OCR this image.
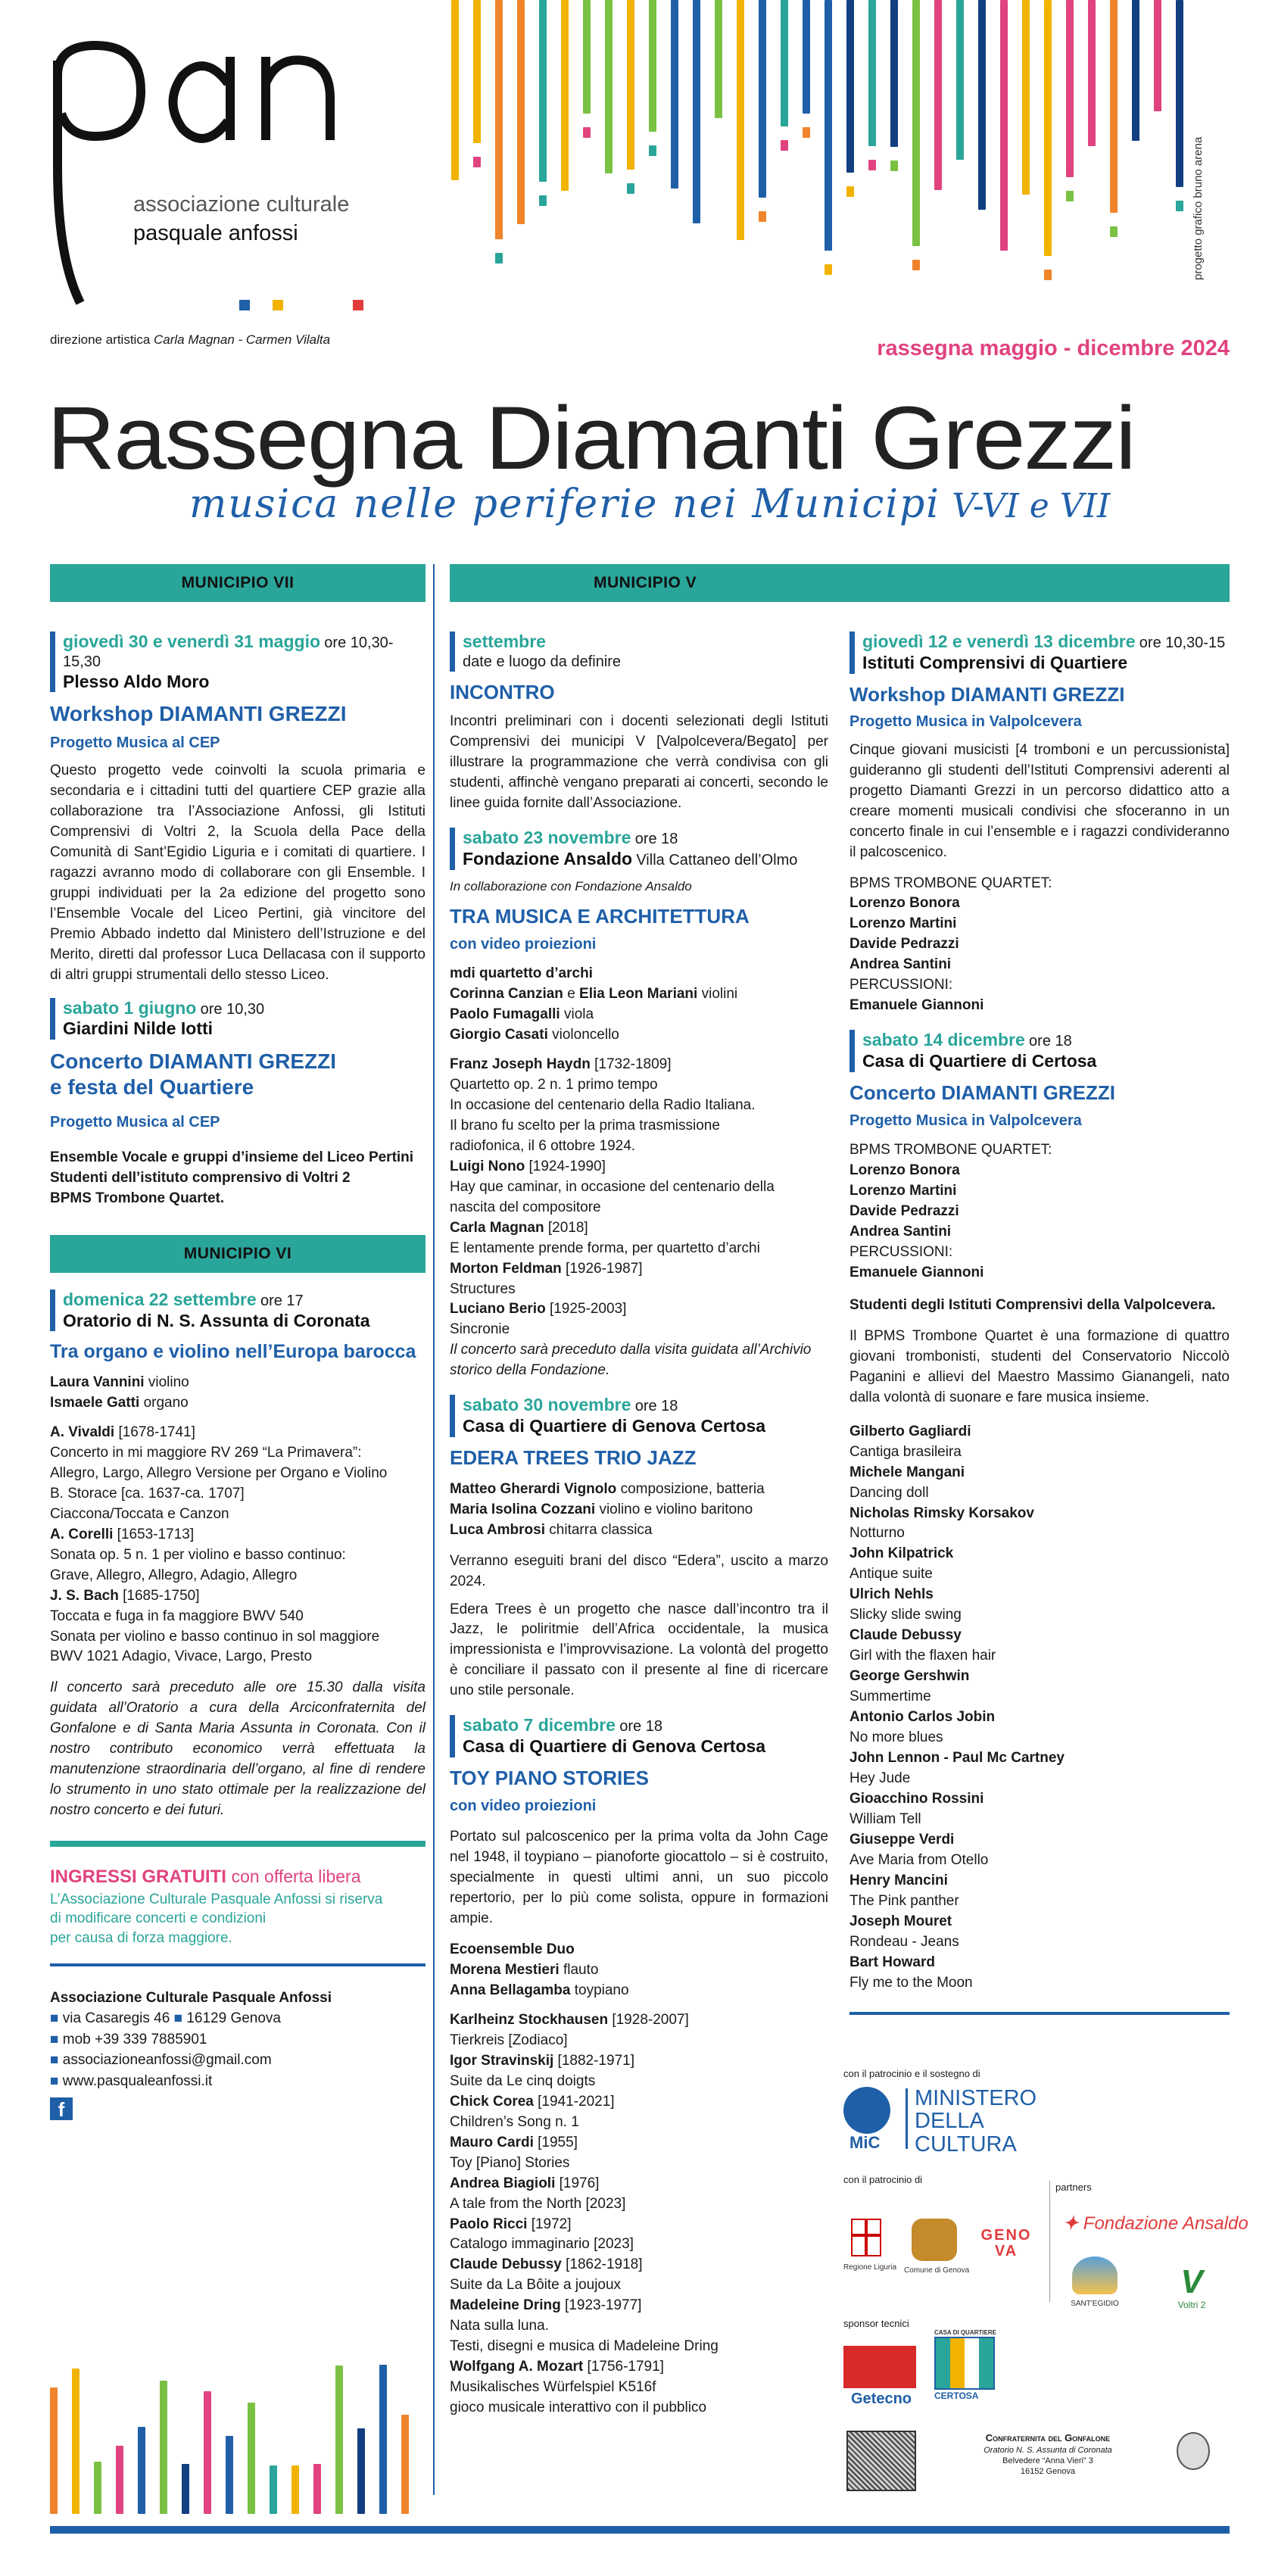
associazione culturale
pasquale anfossi
direzione artistica Carla Magnan - Carmen Vilalta
progetto grafico bruno arena
rassegna maggio - dicembre 2024
Rassegna Diamanti Grezzi
musica nelle periferie nei Municipi V-VI e VII
MUNICIPIO VII
giovedì 30 e venerdì 31 maggio ore 10,30-15,30
Plesso Aldo Moro
Workshop DIAMANTI GREZZI
Progetto Musica al CEP
Questo progetto vede coinvolti la scuola primaria e secondaria e i cittadini tutti del quartiere CEP grazie alla collaborazione tra l’Associazione Anfossi, gli Istituti Comprensivi di Voltri 2, la Scuola della Pace della Comunità di Sant’Egidio Liguria e i comitati di quartiere. I ragazzi avranno modo di collaborare con gli Ensemble. I gruppi individuati per la 2a edizione del progetto sono l’Ensemble Vocale del Liceo Pertini, già vincitore del Premio Abbado indetto dal Ministero dell’Istruzione e del Merito, diretti dal professor Luca Dellacasa con il supporto di altri gruppi strumentali dello stesso Liceo.
sabato 1 giugno ore 10,30
Giardini Nilde Iotti
Concerto DIAMANTI GREZZI
e festa del Quartiere
Progetto Musica al CEP
Ensemble Vocale e gruppi d’insieme del Liceo Pertini
Studenti dell’istituto comprensivo di Voltri 2
BPMS Trombone Quartet.
MUNICIPIO VI
domenica 22 settembre ore 17
Oratorio di N. S. Assunta di Coronata
Tra organo e violino nell’Europa barocca
Laura Vannini violino
Ismaele Gatti organo
A. Vivaldi [1678-1741]
Concerto in mi maggiore RV 269 “La Primavera”:
Allegro, Largo, Allegro Versione per Organo e Violino
B. Storace [ca. 1637-ca. 1707]
Ciaccona/Toccata e Canzon
A. Corelli [1653-1713]
Sonata op. 5 n. 1 per violino e basso continuo:
Grave, Allegro, Allegro, Adagio, Allegro
J. S. Bach [1685-1750]
Toccata e fuga in fa maggiore BWV 540
Sonata per violino e basso continuo in sol maggiore
BWV 1021 Adagio, Vivace, Largo, Presto
Il concerto sarà preceduto alle ore 15.30 dalla visita guidata all’Oratorio a cura della Arciconfraternita del Gonfalone e di Santa Maria Assunta in Coronata. Con il nostro contributo economico verrà effettuata la manutenzione straordinaria dell’organo, al fine di rendere lo strumento in uno stato ottimale per la realizzazione del nostro concerto e dei futuri.
INGRESSI GRATUITI con offerta libera
L’Associazione Culturale Pasquale Anfossi si riserva
di modificare concerti e condizioni
per causa di forza maggiore.
Associazione Culturale Pasquale Anfossi
■ via Casaregis 46 ■ 16129 Genova
■ mob +39 339 7885901
■ associazioneanfossi@gmail.com
■ www.pasqualeanfossi.it
f
MUNICIPIO V
settembre
date e luogo da definire
INCONTRO
Incontri preliminari con i docenti selezionati degli Istituti Comprensivi dei municipi V [Valpolcevera/Begato] per illustrare la programmazione che verrà condivisa con gli studenti, affinchè vengano preparati ai concerti, secondo le linee guida fornite dall’Associazione.
sabato 23 novembre ore 18
Fondazione Ansaldo Villa Cattaneo dell’Olmo
In collaborazione con Fondazione Ansaldo
TRA MUSICA E ARCHITETTURA
con video proiezioni
mdi quartetto d’archi
Corinna Canzian e Elia Leon Mariani violini
Paolo Fumagalli viola
Giorgio Casati violoncello
Franz Joseph Haydn [1732-1809]
Quartetto op. 2 n. 1 primo tempo
In occasione del centenario della Radio Italiana.
Il brano fu scelto per la prima trasmissione
radiofonica, il 6 ottobre 1924.
Luigi Nono [1924-1990]
Hay que caminar, in occasione del centenario della
nascita del compositore
Carla Magnan [2018]
E lentamente prende forma, per quartetto d’archi
Morton Feldman [1926-1987]
Structures
Luciano Berio [1925-2003]
Sincronie
Il concerto sarà preceduto dalla visita guidata all’Archivio storico della Fondazione.
sabato 30 novembre ore 18
Casa di Quartiere di Genova Certosa
EDERA TREES TRIO JAZZ
Matteo Gherardi Vignolo composizione, batteria
Maria Isolina Cozzani violino e violino baritono
Luca Ambrosi chitarra classica
Verranno eseguiti brani del disco “Edera”, uscito a marzo 2024.
Edera Trees è un progetto che nasce dall’incontro tra il Jazz, le poliritmie dell’Africa occidentale, la musica impressionista e l’improvvisazione. La volontà del progetto è conciliare il passato con il presente al fine di ricercare uno stile personale.
sabato 7 dicembre ore 18
Casa di Quartiere di Genova Certosa
TOY PIANO STORIES
con video proiezioni
Portato sul palcoscenico per la prima volta da John Cage nel 1948, il toypiano – pianoforte giocattolo – si è costruito, specialmente in questi ultimi anni, un suo piccolo repertorio, per lo più come solista, oppure in formazioni ampie.
Ecoensemble Duo
Morena Mestieri flauto
Anna Bellagamba toypiano
Karlheinz Stockhausen [1928-2007]
Tierkreis [Zodiaco]
Igor Stravinskij [1882-1971]
Suite da Le cinq doigts
Chick Corea [1941-2021]
Children’s Song n. 1
Mauro Cardi [1955]
Toy [Piano] Stories
Andrea Biagioli [1976]
A tale from the North [2023]
Paolo Ricci [1972]
Catalogo immaginario [2023]
Claude Debussy [1862-1918]
Suite da La Bôite a joujoux
Madeleine Dring [1923-1977]
Nata sulla luna.
Testi, disegni e musica di Madeleine Dring
Wolfgang A. Mozart [1756-1791]
Musikalisches Würfelspiel K516f
gioco musicale interattivo con il pubblico
giovedì 12 e venerdì 13 dicembre ore 10,30-15
Istituti Comprensivi di Quartiere
Workshop DIAMANTI GREZZI
Progetto Musica in Valpolcevera
Cinque giovani musicisti [4 tromboni e un percussionista] guideranno gli studenti dell’Istituti Comprensivi aderenti al progetto Diamanti Grezzi in un percorso didattico atto a creare momenti musicali condivisi che sfoceranno in un concerto finale in cui l’ensemble e i ragazzi condivideranno il palcoscenico.
BPMS TROMBONE QUARTET:
Lorenzo Bonora
Lorenzo Martini
Davide Pedrazzi
Andrea Santini
PERCUSSIONI:
Emanuele Giannoni
sabato 14 dicembre ore 18
Casa di Quartiere di Certosa
Concerto DIAMANTI GREZZI
Progetto Musica in Valpolcevera
BPMS TROMBONE QUARTET:
Lorenzo Bonora
Lorenzo Martini
Davide Pedrazzi
Andrea Santini
PERCUSSIONI:
Emanuele Giannoni
Studenti degli Istituti Comprensivi della Valpolcevera.
Il BPMS Trombone Quartet è una formazione di quattro giovani trombonisti, studenti del Conservatorio Niccolò Paganini e allievi del Maestro Massimo Gianangeli, nato dalla volontà di suonare e fare musica insieme.
Gilberto Gagliardi
Cantiga brasileira
Michele Mangani
Dancing doll
Nicholas Rimsky Korsakov
Notturno
John Kilpatrick
Antique suite
Ulrich Nehls
Slicky slide swing
Claude Debussy
Girl with the flaxen hair
George Gershwin
Summertime
Antonio Carlos Jobin
No more blues
John Lennon - Paul Mc Cartney
Hey Jude
Gioacchino Rossini
William Tell
Giuseppe Verdi
Ave Maria from Otello
Henry Mancini
The Pink panther
Joseph Mouret
Rondeau - Jeans
Bart Howard
Fly me to the Moon
con il patrocinio e il sostegno di
MiC
MINISTERO
DELLA
CULTURA
con il patrocinio di
partners
Regione Liguria Comune di Genova
GENOVA
✦ Fondazione Ansaldo
SANT'EGIDIO
V
Voltri 2
sponsor tecnici
Getecno
CASA DI QUARTIERE
CERTOSA
Confraternita del Gonfalone
Oratorio N. S. Assunta di Coronata
Belvedere “Anna Vieri” 3
16152 Genova
